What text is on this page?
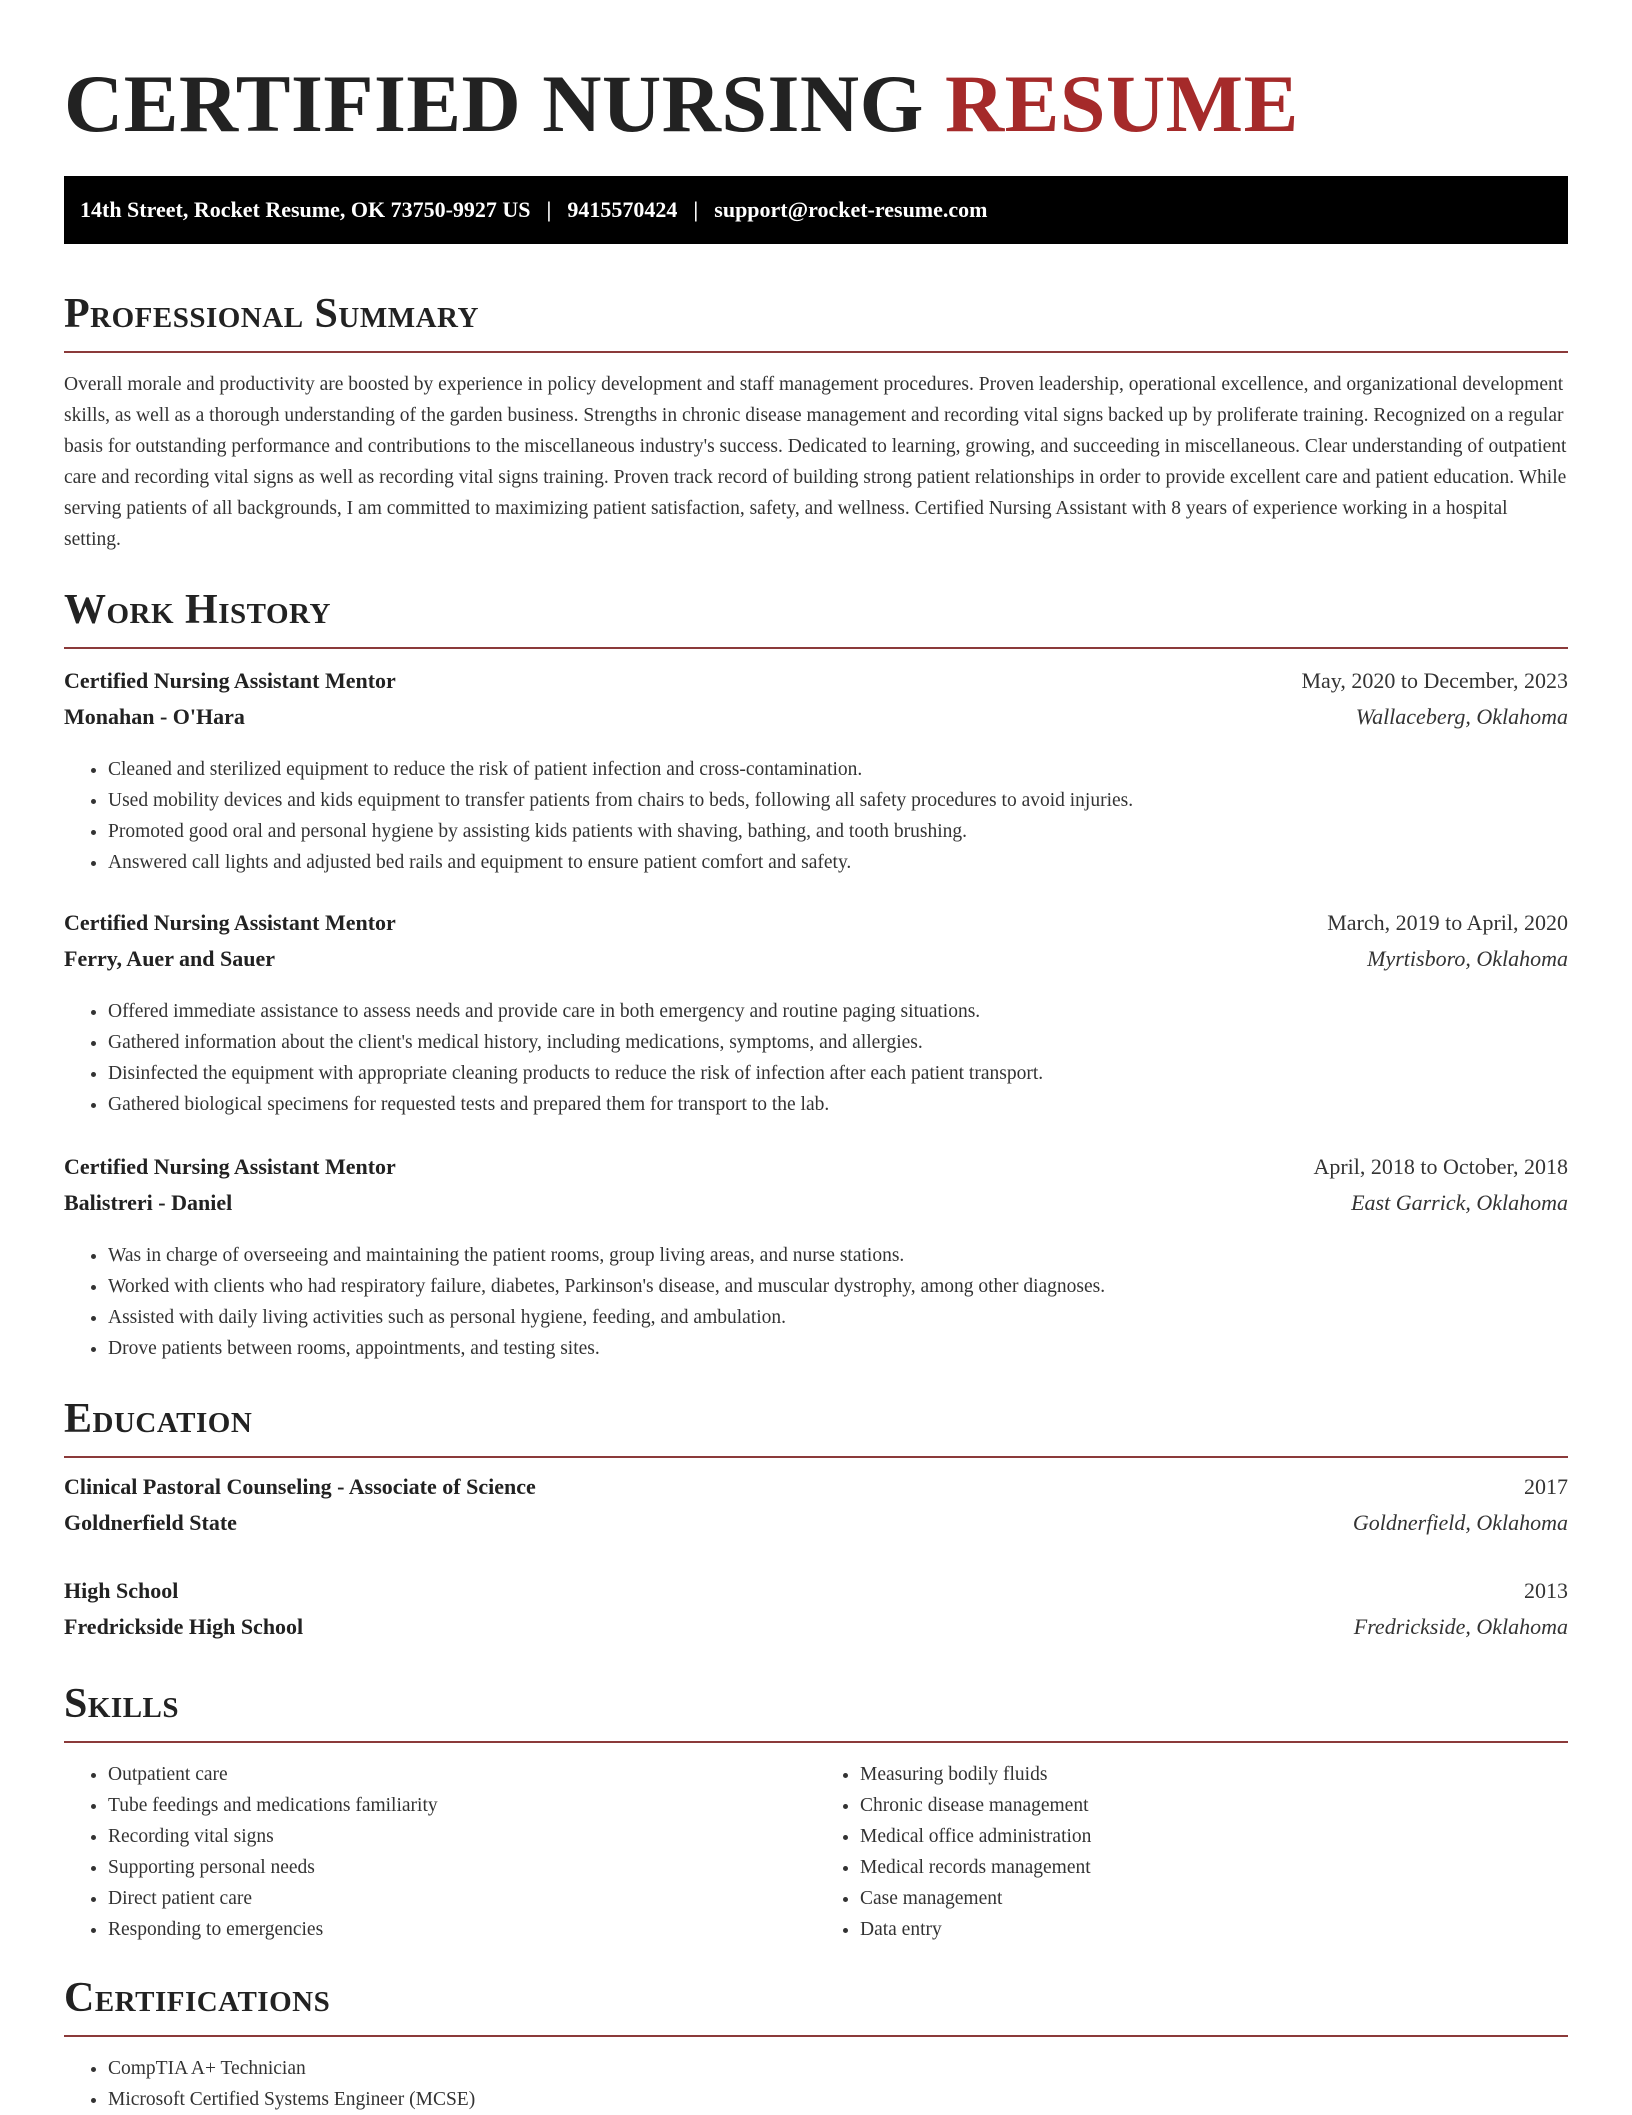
CERTIFIED NURSING RESUME
14th Street, Rocket Resume, OK 73750-9927 US | 9415570424 | support@rocket-resume.com
Professional Summary

Overall morale and productivity are boosted by experience in policy development and staff management procedures. Proven leadership, operational excellence, and organizational development skills, as well as a thorough understanding of the garden business. Strengths in chronic disease management and recording vital signs backed up by proliferate training. Recognized on a regular basis for outstanding performance and contributions to the miscellaneous industry's success. Dedicated to learning, growing, and succeeding in miscellaneous. Clear understanding of outpatient care and recording vital signs as well as recording vital signs training. Proven track record of building strong patient relationships in order to provide excellent care and patient education. While serving patients of all backgrounds, I am committed to maximizing patient satisfaction, safety, and wellness. Certified Nursing Assistant with 8 years of experience working in a hospital setting.

Work History
Certified Nursing Assistant Mentor	May, 2020 to December, 2023
Monahan - O'Hara	Wallaceberg, Oklahoma
• Cleaned and sterilized equipment to reduce the risk of patient infection and cross-contamination.
• Used mobility devices and kids equipment to transfer patients from chairs to beds, following all safety procedures to avoid injuries.
• Promoted good oral and personal hygiene by assisting kids patients with shaving, bathing, and tooth brushing.
• Answered call lights and adjusted bed rails and equipment to ensure patient comfort and safety.
Certified Nursing Assistant Mentor	March, 2019 to April, 2020
Ferry, Auer and Sauer	Myrtisboro, Oklahoma
• Offered immediate assistance to assess needs and provide care in both emergency and routine paging situations.
• Gathered information about the client's medical history, including medications, symptoms, and allergies.
• Disinfected the equipment with appropriate cleaning products to reduce the risk of infection after each patient transport.
• Gathered biological specimens for requested tests and prepared them for transport to the lab.
Certified Nursing Assistant Mentor	April, 2018 to October, 2018
Balistreri - Daniel	East Garrick, Oklahoma
• Was in charge of overseeing and maintaining the patient rooms, group living areas, and nurse stations.
• Worked with clients who had respiratory failure, diabetes, Parkinson's disease, and muscular dystrophy, among other diagnoses.
• Assisted with daily living activities such as personal hygiene, feeding, and ambulation.
• Drove patients between rooms, appointments, and testing sites.
Education
Clinical Pastoral Counseling - Associate of Science	2017
Goldnerfield State	Goldnerfield, Oklahoma
High School	2013
Fredrickside High School	Fredrickside, Oklahoma
Skills
• Outpatient care
• Tube feedings and medications familiarity
• Recording vital signs
• Supporting personal needs
• Direct patient care
• Responding to emergencies
• Measuring bodily fluids
• Chronic disease management
• Medical office administration
• Medical records management
• Case management
• Data entry
Certifications
• CompTIA A+ Technician
• Microsoft Certified Systems Engineer (MCSE)
